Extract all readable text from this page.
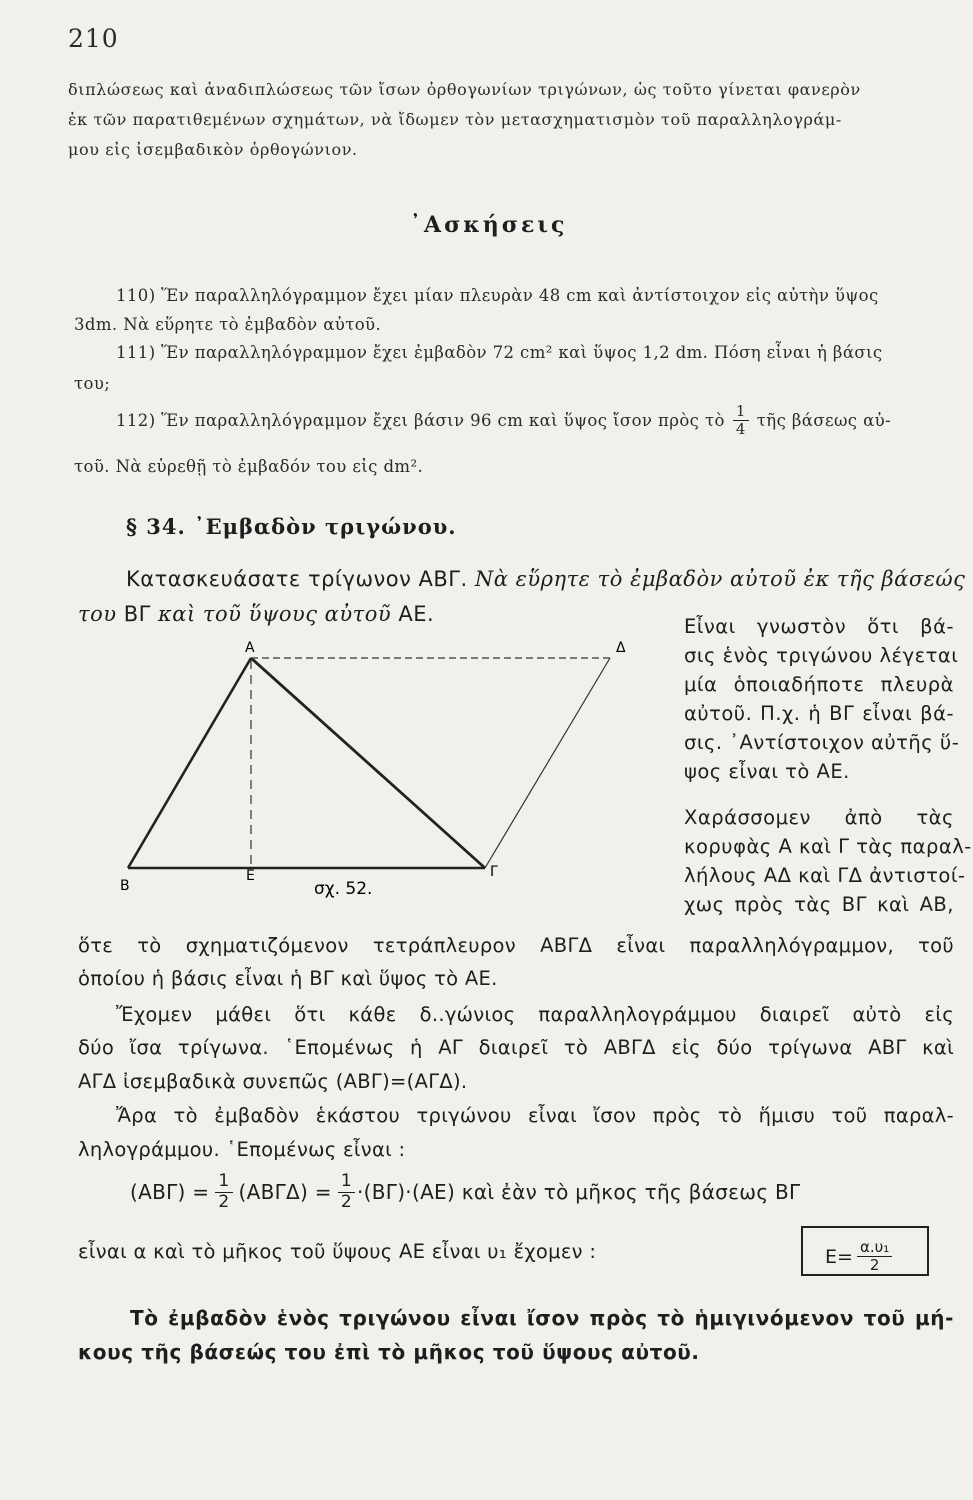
210
διπλώσεως καὶ ἀναδιπλώσεως τῶν ἴσων ὀρθογωνίων τριγώνων, ὡς τοῦτο γίνεται φανερὸν
ἐκ τῶν παρατιθεμένων σχημάτων, νὰ ἴδωμεν τὸν μετασχηματισμὸν τοῦ παραλληλογράμ-
μου εἰς ἰσεμβαδικὸν ὀρθογώνιον.
᾿Ασκήσεις
110) Ἕν παραλληλόγραμμον ἔχει μίαν πλευρὰν 48 cm καὶ ἀντίστοιχον εἰς αὐτὴν ὕψος
3dm. Νὰ εὕρητε τὸ ἐμβαδὸν αὐτοῦ.
111) Ἕν παραλληλόγραμμον ἔχει ἐμβαδὸν 72 cm² καὶ ὕψος 1,2 dm. Πόση εἶναι ἡ βάσις
του;
112) Ἕν παραλληλόγραμμον ἔχει βάσιν 96 cm καὶ ὕψος ἴσον πρὸς τὸ $\frac{1}{4}$ τῆς βάσεως αὐ-
τοῦ. Νὰ εὑρεθῇ τὸ ἐμβαδόν του εἰς dm².
§ 34. ᾿Εμβαδὸν τριγώνου.
Κατασκευάσατε τρίγωνον ΑΒΓ. Νὰ εὕρητε τὸ ἐμβαδὸν αὐτοῦ ἐκ τῆς βάσεώς
του ΒΓ καὶ τοῦ ὕψους αὐτοῦ ΑΕ.
Α	Δ
Β
Ε	Γ
σχ. 52.
Εἶναι γνωστὸν ὅτι βά-
σις ἑνὸς τριγώνου λέγεται
μία ὁποιαδήποτε πλευρὰ
αὐτοῦ. Π.χ. ἡ ΒΓ εἶναι βά-
σις. ᾿Αντίστοιχον αὐτῆς ὕ-
ψος εἶναι τὸ ΑΕ.
Χαράσσομεν ἀπὸ τὰς
κορυφὰς Α καὶ Γ τὰς παραλ-
λήλους ΑΔ καὶ ΓΔ ἀντιστοί-
χως πρὸς τὰς ΒΓ καὶ ΑΒ,
ὅτε τὸ σχηματιζόμενον τετράπλευρον ΑΒΓΔ εἶναι παραλληλόγραμμον, τοῦ
ὁποίου ἡ βάσις εἶναι ἡ ΒΓ καὶ ὕψος τὸ ΑΕ.
Ἔχομεν μάθει ὅτι κάθε δ..γώνιος παραλληλογράμμου διαιρεῖ αὐτὸ εἰς
δύο ἴσα τρίγωνα. ῾Επομένως ἡ ΑΓ διαιρεῖ τὸ ΑΒΓΔ εἰς δύο τρίγωνα ΑΒΓ καὶ
ΑΓΔ ἰσεμβαδικὰ συνεπῶς (ΑΒΓ)=(ΑΓΔ).
Ἄρα τὸ ἐμβαδὸν ἑκάστου τριγώνου εἶναι ἴσον πρὸς τὸ ἥμισυ τοῦ παραλ-
ληλογράμμου. ῾Επομένως εἶναι :
$(AB\Gamma) = \frac{1}{2} (AB\Gamma\Delta) = \frac{1}{2} \cdot(B\Gamma)\cdot(AE)$ καὶ ἐὰν τὸ μῆκος τῆς βάσεως ΒΓ
εἶναι α καὶ τὸ μῆκος τοῦ ὕψους ΑΕ εἶναι υ₁ ἔχομεν :	$E= \frac{\text{α.υ₁}}{2}$
Τὸ ἐμβαδὸν ἑνὸς τριγώνου εἶναι ἴσον πρὸς τὸ ἡμιγινόμενον τοῦ μή-
κους τῆς βάσεώς του ἐπὶ τὸ μῆκος τοῦ ὕψους αὐτοῦ.
